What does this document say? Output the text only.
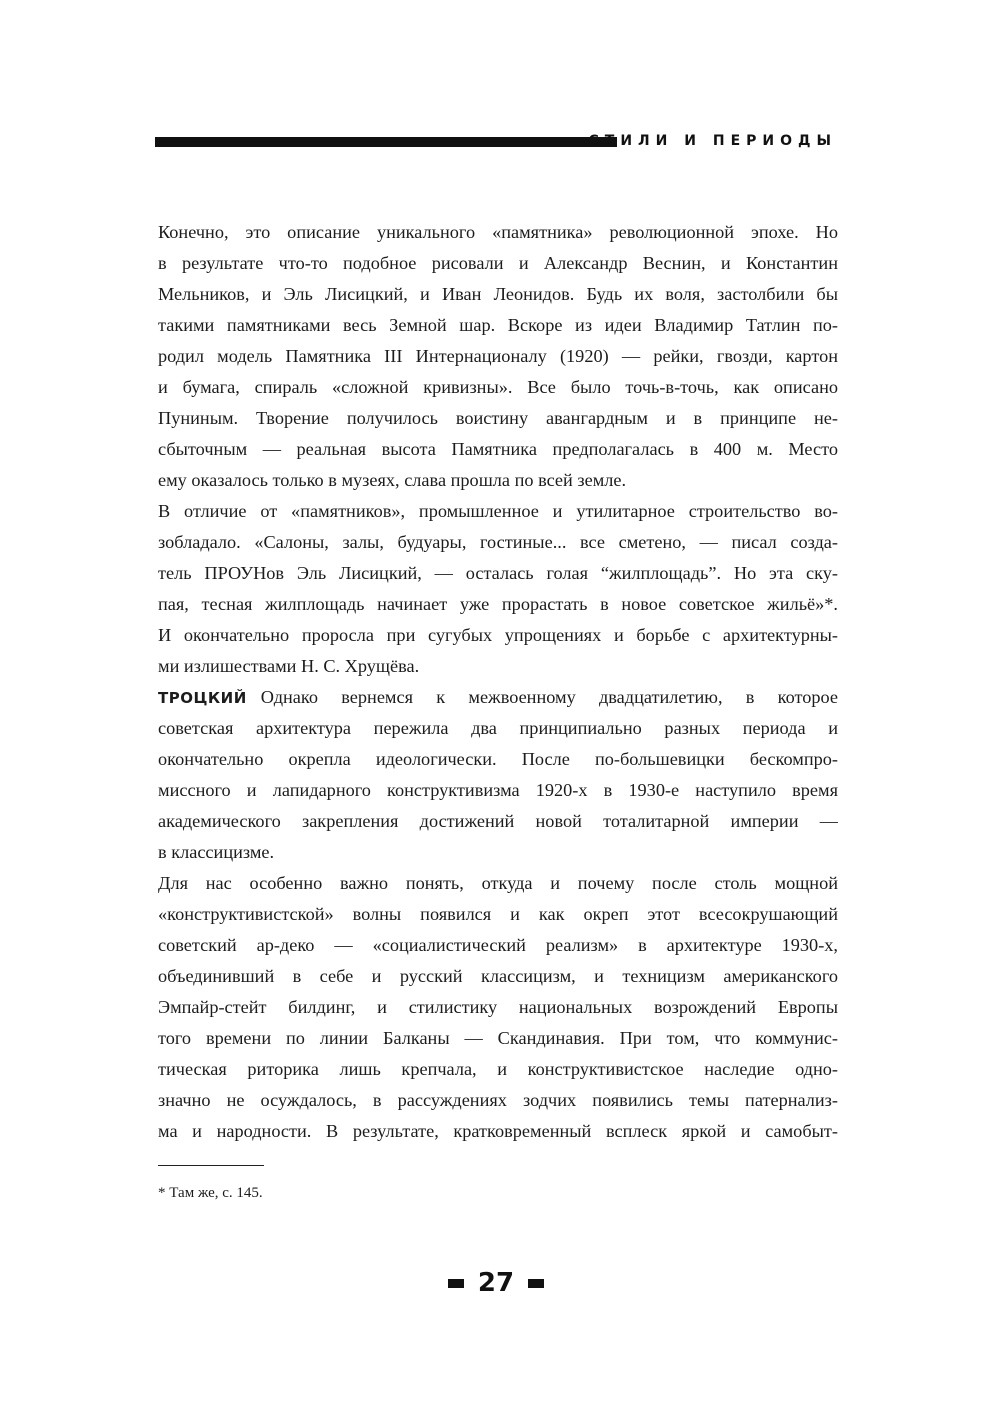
СТИЛИ И ПЕРИОДЫ
Конечно, это описание уникального «памятника» революционной эпохе. Но
в результате что-то подобное рисовали и Александр Веснин, и Константин
Мельников, и Эль Лисицкий, и Иван Леонидов. Будь их воля, застолбили бы
такими памятниками весь Земной шар. Вскоре из идеи Владимир Татлин по-
родил модель Памятника III Интернационалу (1920) — рейки, гвозди, картон
и бумага, спираль «сложной кривизны». Все было точь-в-точь, как описано
Пуниным. Творение получилось воистину авангардным и в принципе не-
сбыточным — реальная высота Памятника предполагалась в 400 м. Место
ему оказалось только в музеях, слава прошла по всей земле.
В отличие от «памятников», промышленное и утилитарное строительство во-
зобладало. «Салоны, залы, будуары, гостиные... все сметено, — писал созда-
тель ПРОУНов Эль Лисицкий, — осталась голая “жилплощадь”. Но эта ску-
пая, тесная жилплощадь начинает уже прорастать в новое советское жильё»*.
И окончательно проросла при сугубых упрощениях и борьбе с архитектурны-
ми излишествами Н. С. Хрущёва.
ТРОЦКИЙ Однако вернемся к межвоенному двадцатилетию, в которое
советская архитектура пережила два принципиально разных периода и
окончательно окрепла идеологически. После по-большевицки бескомпро-
миссного и лапидарного конструктивизма 1920-х в 1930-е наступило время
академического закрепления достижений новой тоталитарной империи —
в классицизме.
Для нас особенно важно понять, откуда и почему после столь мощной
«конструктивистской» волны появился и как окреп этот всесокрушающий
советский ар-деко — «социалистический реализм» в архитектуре 1930-х,
объединивший в себе и русский классицизм, и техницизм американского
Эмпайр-стейт билдинг, и стилистику национальных возрождений Европы
того времени по линии Балканы — Скандинавия. При том, что коммунис-
тическая риторика лишь крепчала, и конструктивистское наследие одно-
значно не осуждалось, в рассуждениях зодчих появились темы патернализ-
ма и народности. В результате, кратковременный всплеск яркой и самобыт-
* Там же, с. 145.
27
